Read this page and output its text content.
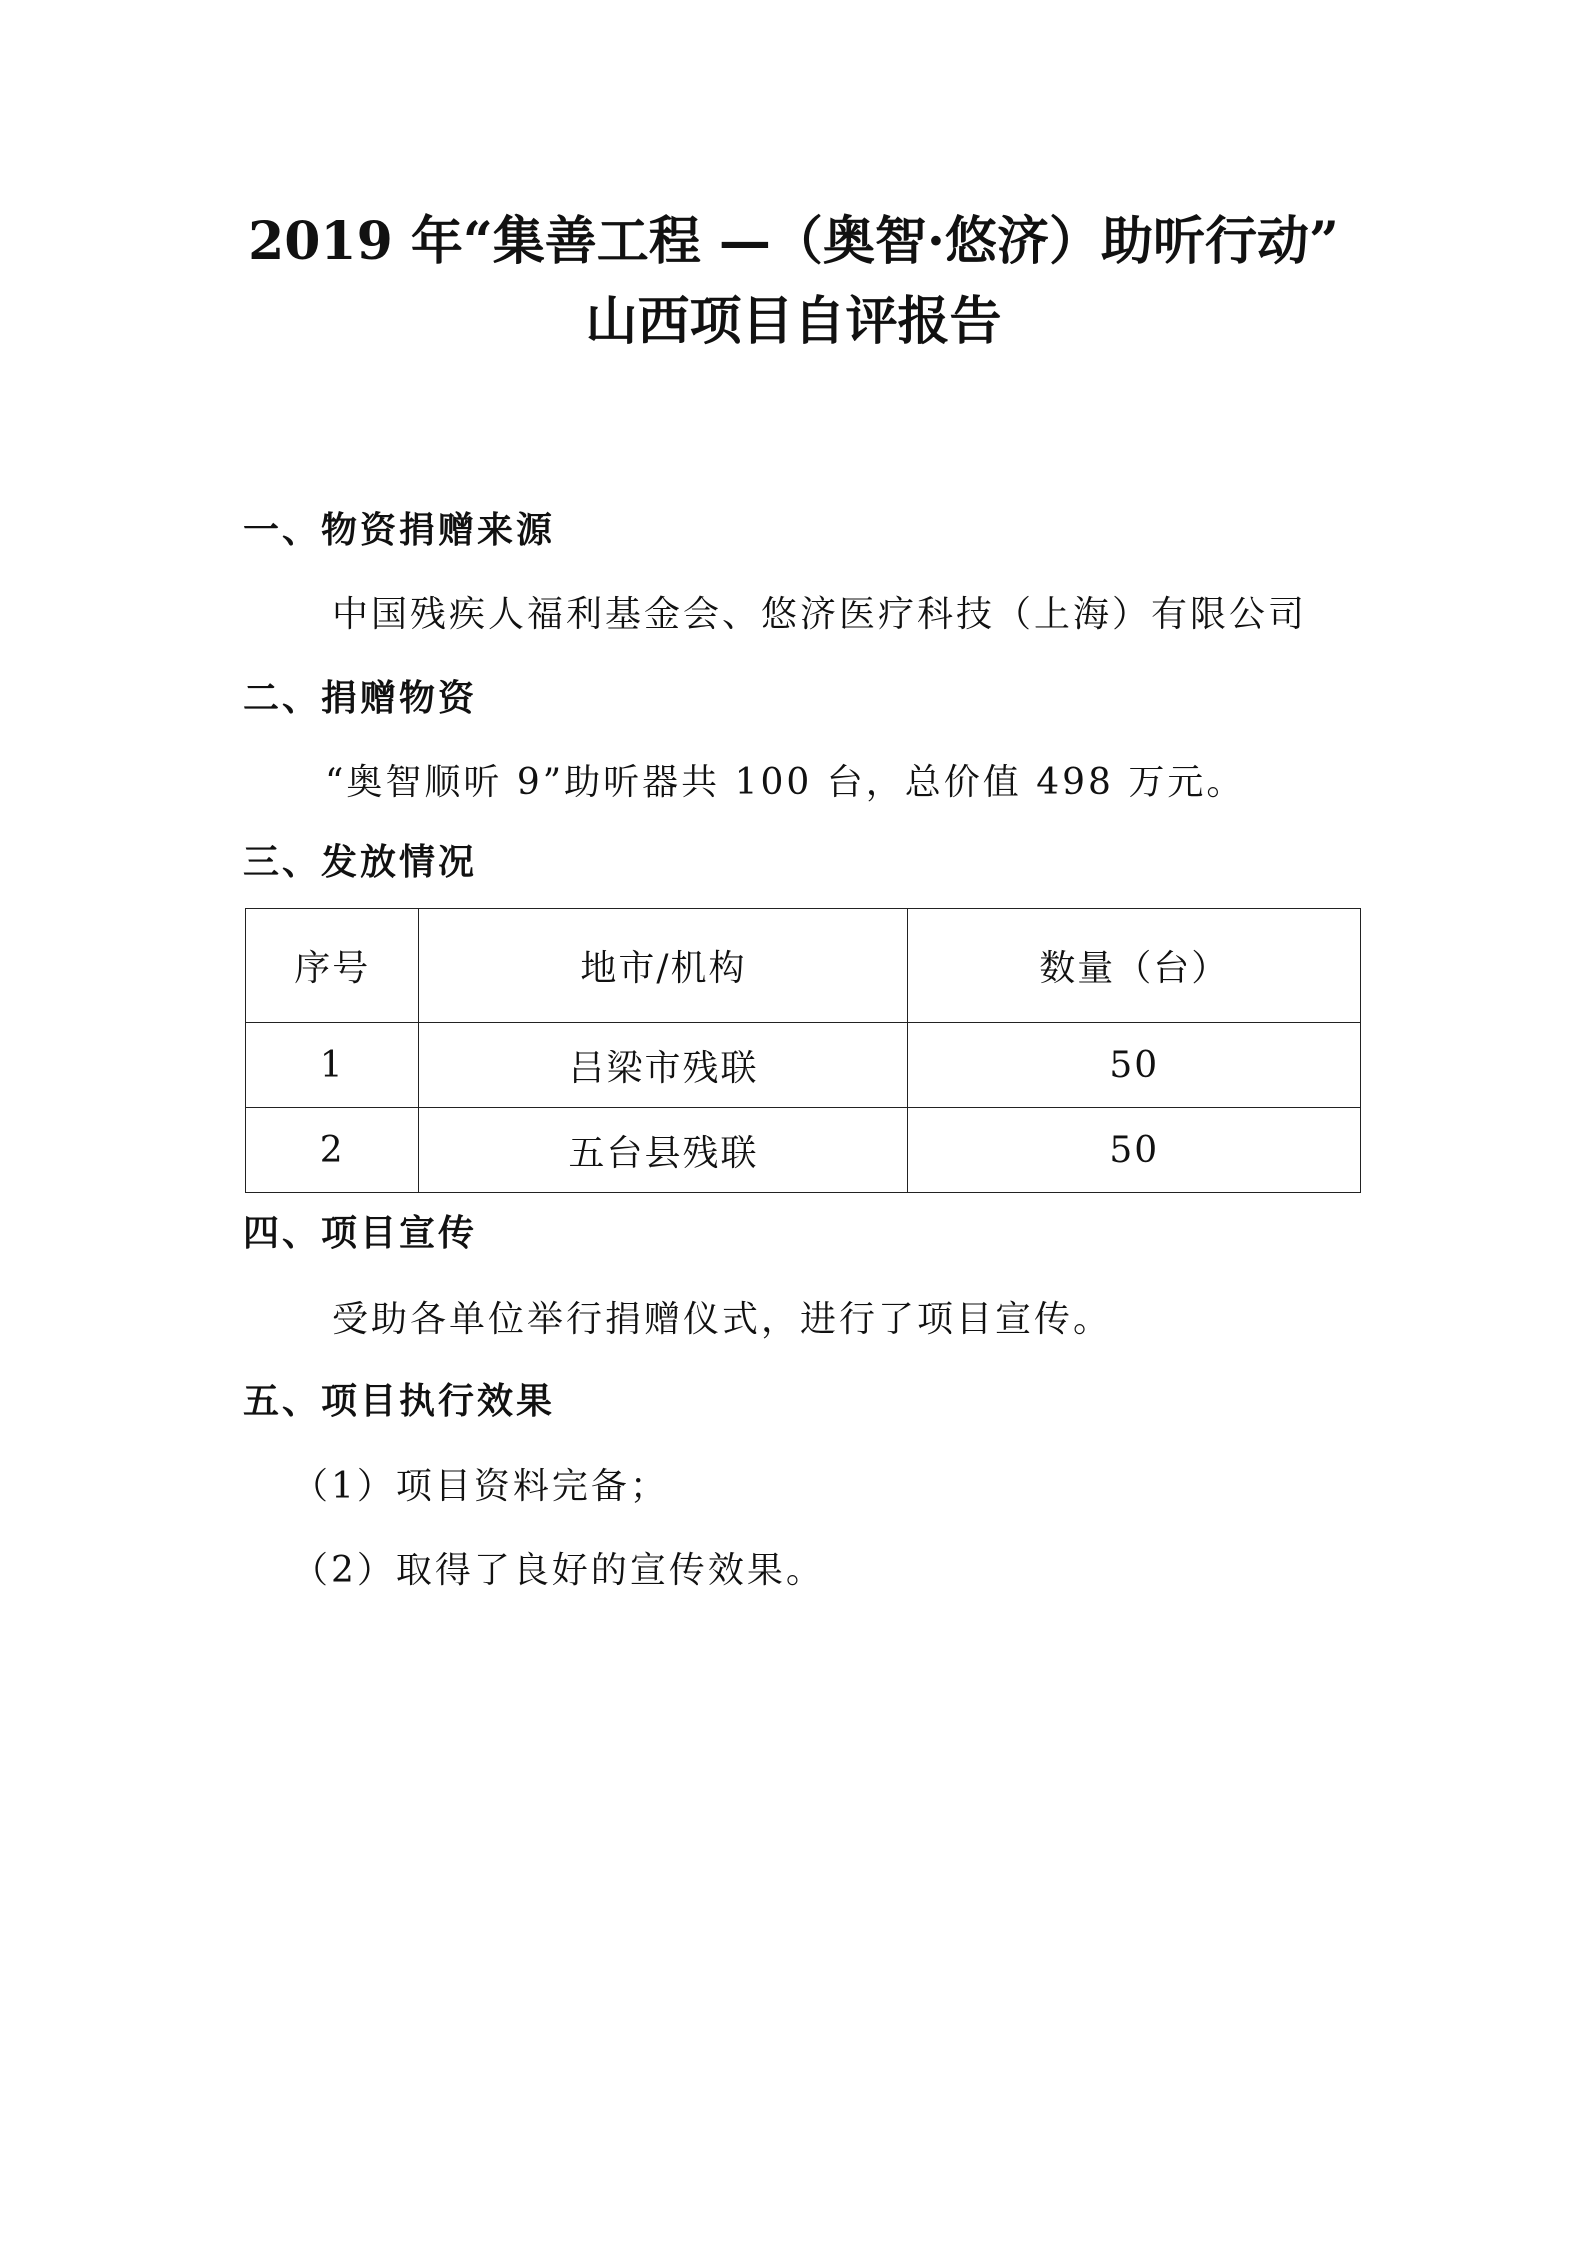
2019 年“集善工程 —（奥智·悠济）助听行动”
山西项目自评报告
一、物资捐赠来源

中国残疾人福利基金会、悠济医疗科技（上海）有限公司

二、捐赠物资

“奥智顺听 9”助听器共 100 台，总价值 498 万元。

三、发放情况
序号	地市/机构	数量（台）
1	吕梁市残联	50
2	五台县残联	50
四、项目宣传

受助各单位举行捐赠仪式，进行了项目宣传。

五、项目执行效果

（1）项目资料完备；

（2）取得了良好的宣传效果。
